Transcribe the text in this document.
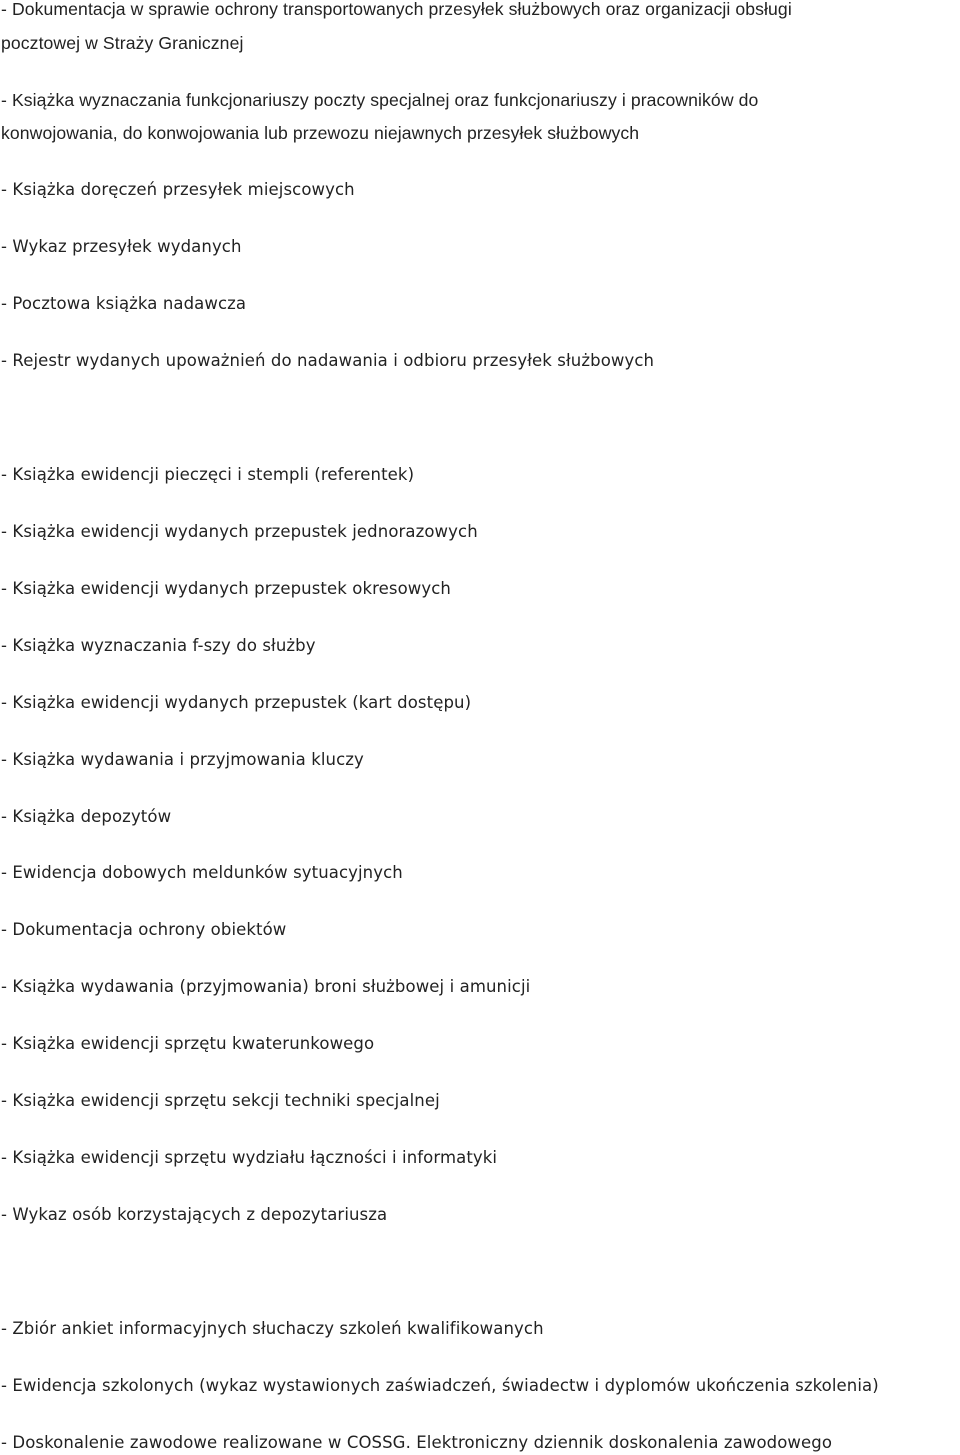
- Dokumentacja w sprawie ochrony transportowanych przesyłek służbowych oraz organizacji obsługi
pocztowej w Straży Granicznej
- Książka wyznaczania funkcjonariuszy poczty specjalnej oraz funkcjonariuszy i pracowników do
konwojowania, do konwojowania lub przewozu niejawnych przesyłek służbowych
- Książka doręczeń przesyłek miejscowych
- Wykaz przesyłek wydanych
- Pocztowa książka nadawcza
- Rejestr wydanych upoważnień do nadawania i odbioru przesyłek służbowych
- Książka ewidencji pieczęci i stempli (referentek)
- Książka ewidencji wydanych przepustek jednorazowych
- Książka ewidencji wydanych przepustek okresowych
- Książka wyznaczania f-szy do służby
- Książka ewidencji wydanych przepustek (kart dostępu)
- Książka wydawania i przyjmowania kluczy
- Książka depozytów
- Ewidencja dobowych meldunków sytuacyjnych
- Dokumentacja ochrony obiektów
- Książka wydawania (przyjmowania) broni służbowej i amunicji
- Książka ewidencji sprzętu kwaterunkowego
- Książka ewidencji sprzętu sekcji techniki specjalnej
- Książka ewidencji sprzętu wydziału łączności i informatyki
- Wykaz osób korzystających z depozytariusza
- Zbiór ankiet informacyjnych słuchaczy szkoleń kwalifikowanych
- Ewidencja szkolonych (wykaz wystawionych zaświadczeń, świadectw i dyplomów ukończenia szkolenia)
- Doskonalenie zawodowe realizowane w COSSG. Elektroniczny dziennik doskonalenia zawodowego
